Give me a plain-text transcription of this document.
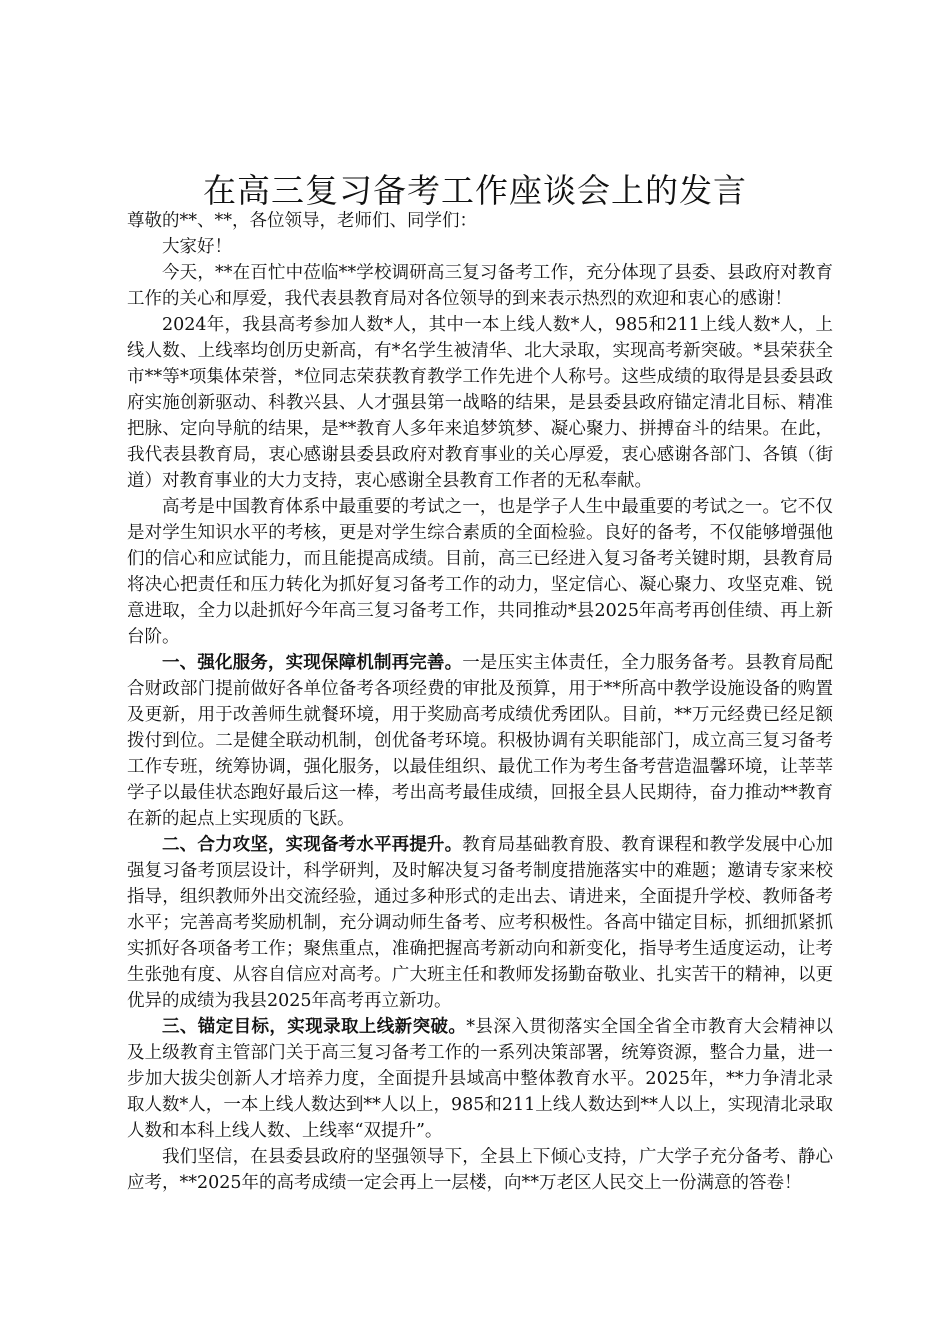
在高三复习备考工作座谈会上的发言

尊敬的**、**，各位领导，老师们、同学们：

大家好！

今天，**在百忙中莅临**学校调研高三复习备考工作，充分体现了县委、县政府对教育工作的关心和厚爱，我代表县教育局对各位领导的到来表示热烈的欢迎和衷心的感谢！

2024年，我县高考参加人数*人，其中一本上线人数*人，985和211上线人数*人，上线人数、上线率均创历史新高，有*名学生被清华、北大录取，实现高考新突破。*县荣获全市**等*项集体荣誉，*位同志荣获教育教学工作先进个人称号。这些成绩的取得是县委县政府实施创新驱动、科教兴县、人才强县第一战略的结果，是县委县政府锚定清北目标、精准把脉、定向导航的结果，是**教育人多年来追梦筑梦、凝心聚力、拼搏奋斗的结果。在此，我代表县教育局，衷心感谢县委县政府对教育事业的关心厚爱，衷心感谢各部门、各镇（街道）对教育事业的大力支持，衷心感谢全县教育工作者的无私奉献。

高考是中国教育体系中最重要的考试之一，也是学子人生中最重要的考试之一。它不仅是对学生知识水平的考核，更是对学生综合素质的全面检验。良好的备考，不仅能够增强他们的信心和应试能力，而且能提高成绩。目前，高三已经进入复习备考关键时期，县教育局将决心把责任和压力转化为抓好复习备考工作的动力，坚定信心、凝心聚力、攻坚克难、锐意进取，全力以赴抓好今年高三复习备考工作，共同推动*县2025年高考再创佳绩、再上新台阶。

一、强化服务，实现保障机制再完善。一是压实主体责任，全力服务备考。县教育局配合财政部门提前做好各单位备考各项经费的审批及预算，用于**所高中教学设施设备的购置及更新，用于改善师生就餐环境，用于奖励高考成绩优秀团队。目前，**万元经费已经足额拨付到位。二是健全联动机制，创优备考环境。积极协调有关职能部门，成立高三复习备考工作专班，统筹协调，强化服务，以最佳组织、最优工作为考生备考营造温馨环境，让莘莘学子以最佳状态跑好最后这一棒，考出高考最佳成绩，回报全县人民期待，奋力推动**教育在新的起点上实现质的飞跃。

二、合力攻坚，实现备考水平再提升。教育局基础教育股、教育课程和教学发展中心加强复习备考顶层设计，科学研判，及时解决复习备考制度措施落实中的难题；邀请专家来校指导，组织教师外出交流经验，通过多种形式的走出去、请进来，全面提升学校、教师备考水平；完善高考奖励机制，充分调动师生备考、应考积极性。各高中锚定目标，抓细抓紧抓实抓好各项备考工作；聚焦重点，准确把握高考新动向和新变化，指导考生适度运动，让考生张弛有度、从容自信应对高考。广大班主任和教师发扬勤奋敬业、扎实苦干的精神，以更优异的成绩为我县2025年高考再立新功。

三、锚定目标，实现录取上线新突破。*县深入贯彻落实全国全省全市教育大会精神以及上级教育主管部门关于高三复习备考工作的一系列决策部署，统筹资源，整合力量，进一步加大拔尖创新人才培养力度，全面提升县域高中整体教育水平。2025年，**力争清北录取人数*人，一本上线人数达到**人以上，985和211上线人数达到**人以上，实现清北录取人数和本科上线人数、上线率“双提升”。

我们坚信，在县委县政府的坚强领导下，全县上下倾心支持，广大学子充分备考、静心应考，**2025年的高考成绩一定会再上一层楼，向**万老区人民交上一份满意的答卷！
